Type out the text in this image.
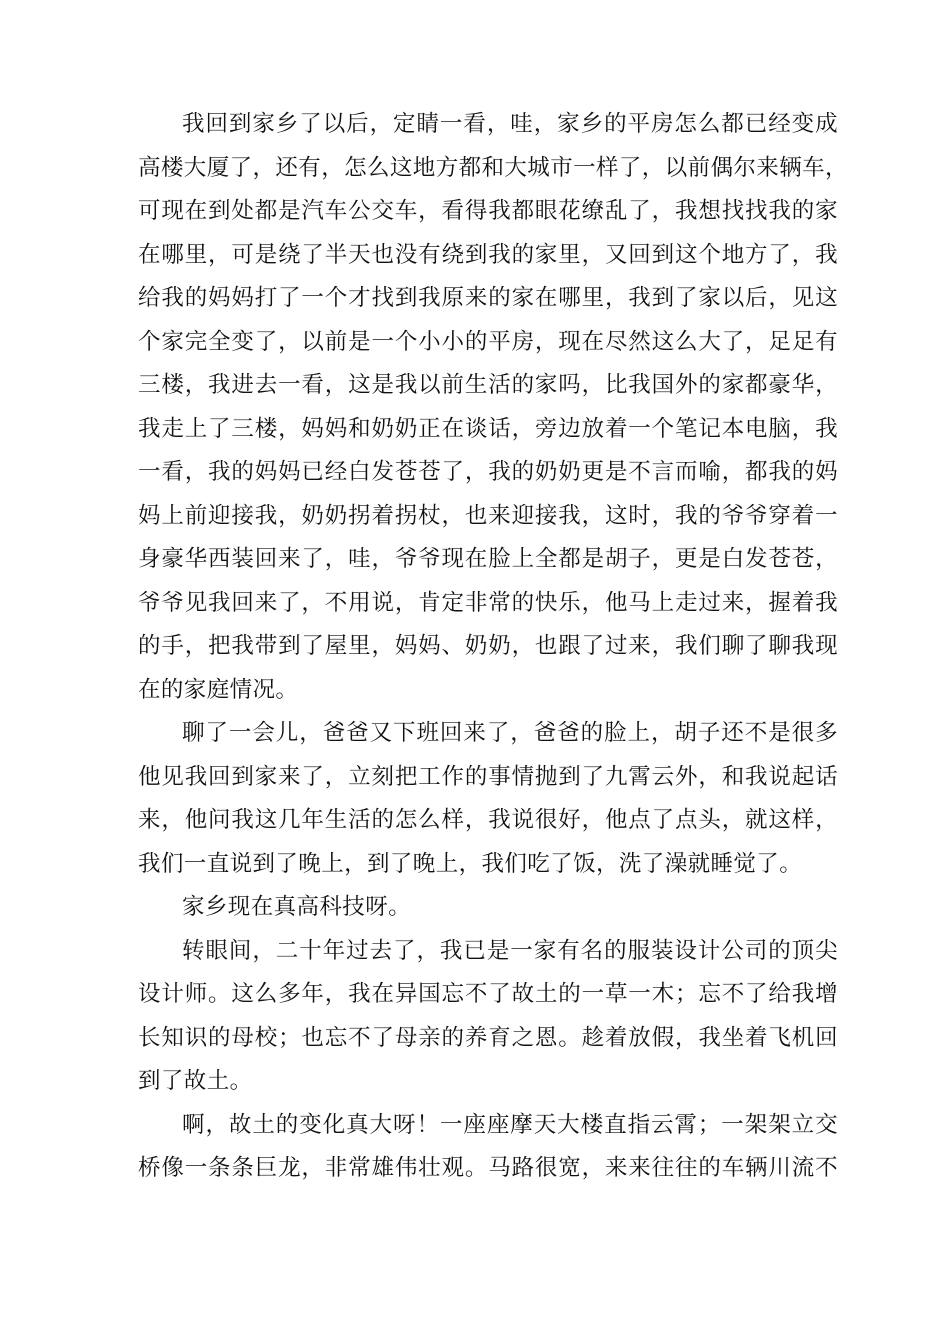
我回到家乡了以后，定睛一看，哇，家乡的平房怎么都已经变成
高楼大厦了，还有，怎么这地方都和大城市一样了，以前偶尔来辆车，
可现在到处都是汽车公交车，看得我都眼花缭乱了，我想找找我的家
在哪里，可是绕了半天也没有绕到我的家里，又回到这个地方了，我
给我的妈妈打了一个才找到我原来的家在哪里，我到了家以后，见这
个家完全变了，以前是一个小小的平房，现在尽然这么大了，足足有
三楼，我进去一看，这是我以前生活的家吗，比我国外的家都豪华，
我走上了三楼，妈妈和奶奶正在谈话，旁边放着一个笔记本电脑，我
一看，我的妈妈已经白发苍苍了，我的奶奶更是不言而喻，都我的妈
妈上前迎接我，奶奶拐着拐杖，也来迎接我，这时，我的爷爷穿着一
身豪华西装回来了，哇，爷爷现在脸上全都是胡子，更是白发苍苍，
爷爷见我回来了，不用说，肯定非常的快乐，他马上走过来，握着我
的手，把我带到了屋里，妈妈、奶奶，也跟了过来，我们聊了聊我现
在的家庭情况。
聊了一会儿，爸爸又下班回来了，爸爸的脸上，胡子还不是很多
他见我回到家来了，立刻把工作的事情抛到了九霄云外，和我说起话
来，他问我这几年生活的怎么样，我说很好，他点了点头，就这样，
我们一直说到了晚上，到了晚上，我们吃了饭，洗了澡就睡觉了。
家乡现在真高科技呀。
转眼间，二十年过去了，我已是一家有名的服装设计公司的顶尖
设计师。这么多年，我在异国忘不了故土的一草一木；忘不了给我增
长知识的母校；也忘不了母亲的养育之恩。趁着放假，我坐着飞机回
到了故土。
啊，故土的变化真大呀！一座座摩天大楼直指云霄；一架架立交
桥像一条条巨龙，非常雄伟壮观。马路很宽，来来往往的车辆川流不
